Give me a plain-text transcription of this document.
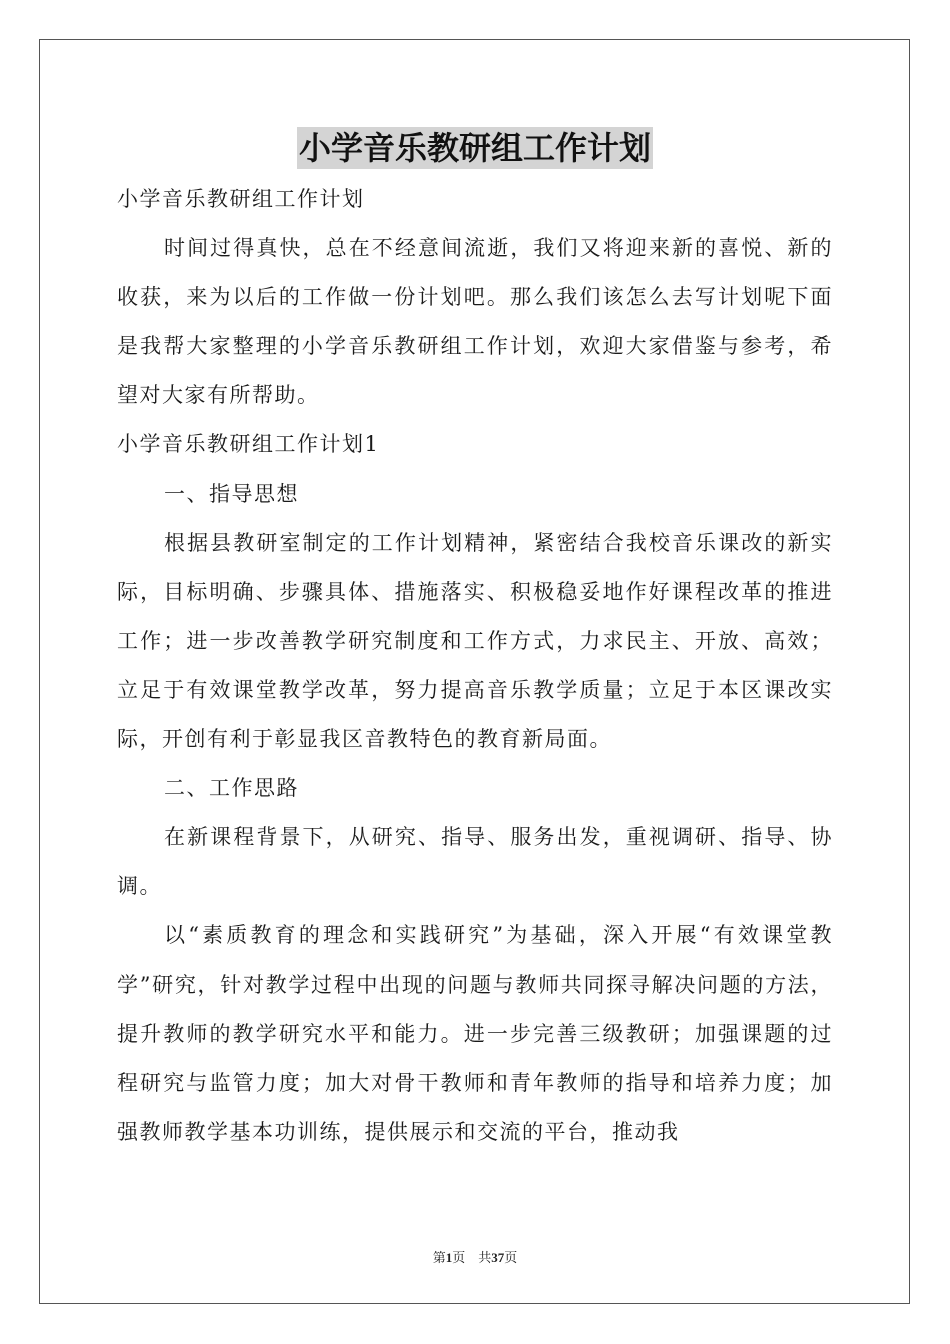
小学音乐教研组工作计划

小学音乐教研组工作计划

时间过得真快，总在不经意间流逝，我们又将迎来新的喜悦、新的收获，来为以后的工作做一份计划吧。那么我们该怎么去写计划呢下面是我帮大家整理的小学音乐教研组工作计划，欢迎大家借鉴与参考，希望对大家有所帮助。

小学音乐教研组工作计划1

一、指导思想

根据县教研室制定的工作计划精神，紧密结合我校音乐课改的新实际，目标明确、步骤具体、措施落实、积极稳妥地作好课程改革的推进工作；进一步改善教学研究制度和工作方式，力求民主、开放、高效；立足于有效课堂教学改革，努力提高音乐教学质量；立足于本区课改实际，开创有利于彰显我区音教特色的教育新局面。

二、工作思路

在新课程背景下，从研究、指导、服务出发，重视调研、指导、协调。

以“素质教育的理念和实践研究”为基础，深入开展“有效课堂教学”研究，针对教学过程中出现的问题与教师共同探寻解决问题的方法，提升教师的教学研究水平和能力。进一步完善三级教研；加强课题的过程研究与监管力度；加大对骨干教师和青年教师的指导和培养力度；加强教师教学基本功训练，提供展示和交流的平台，推动我

第1页　共37页
